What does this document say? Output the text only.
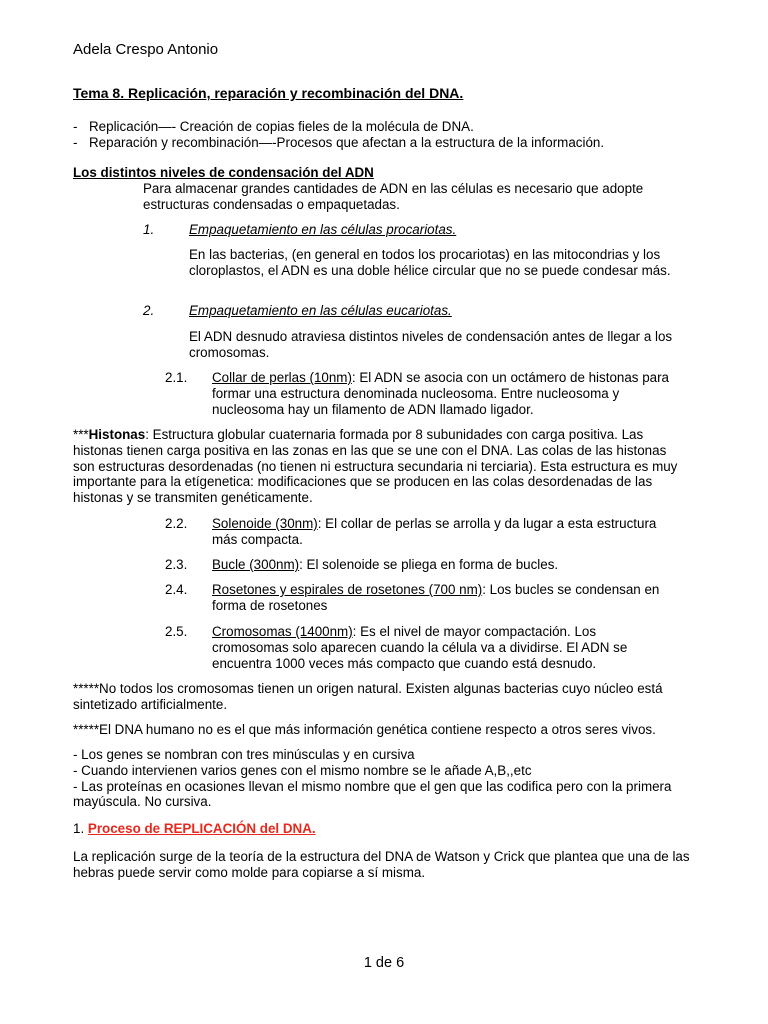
Adela Crespo Antonio
Tema 8. Replicación, reparación y recombinación del DNA.
- Replicación—- Creación de copias fieles de la molécula de DNA.
- Reparación y recombinación—-Procesos que afectan a la estructura de la información.
Los distintos niveles de condensación del ADN
Para almacenar grandes cantidades de ADN en las células es necesario que adopte estructuras condensadas o empaquetadas.
1.	Empaquetamiento en las células procariotas.
En las bacterias, (en general en todos los procariotas) en las mitocondrias y los cloroplastos, el ADN es una doble hélice circular que no se puede condesar más.
2.	Empaquetamiento en las células eucariotas.
El ADN desnudo atraviesa distintos niveles de condensación antes de llegar a los cromosomas.
2.1.	Collar de perlas (10nm): El ADN se asocia con un octámero de histonas para formar una estructura denominada nucleosoma. Entre nucleosoma y nucleosoma hay un filamento de ADN llamado ligador.
***Histonas: Estructura globular cuaternaria formada por 8 subunidades con carga positiva. Las histonas tienen carga positiva en las zonas en las que se une con el DNA. Las colas de las histonas son estructuras desordenadas (no tienen ni estructura secundaria ni terciaria). Esta estructura es muy importante para la etígenetica: modificaciones que se producen en las colas desordenadas de las histonas y se transmiten genéticamente.
2.2.	Solenoide (30nm): El collar de perlas se arrolla y da lugar a esta estructura más compacta.
2.3.	Bucle (300nm): El solenoide se pliega en forma de bucles.
2.4.	Rosetones y espirales de rosetones (700 nm): Los bucles se condensan en forma de rosetones
2.5.	Cromosomas (1400nm): Es el nivel de mayor compactación. Los cromosomas solo aparecen cuando la célula va a dividirse. El ADN se encuentra 1000 veces más compacto que cuando está desnudo.
*****No todos los cromosomas tienen un origen natural. Existen algunas bacterias cuyo núcleo está sintetizado artificialmente.
*****El DNA humano no es el que más información genética contiene respecto a otros seres vivos.
- Los genes se nombran con tres minúsculas y en cursiva
- Cuando intervienen varios genes con el mismo nombre se le añade A,B,,etc
- Las proteínas en ocasiones llevan el mismo nombre que el gen que las codifica pero con la primera mayúscula. No cursiva.
1. Proceso de REPLICACIÓN del DNA.
La replicación surge de la teoría de la estructura del DNA de Watson y Crick que plantea que una de las hebras puede servir como molde para copiarse a sí misma.
1 de 6
